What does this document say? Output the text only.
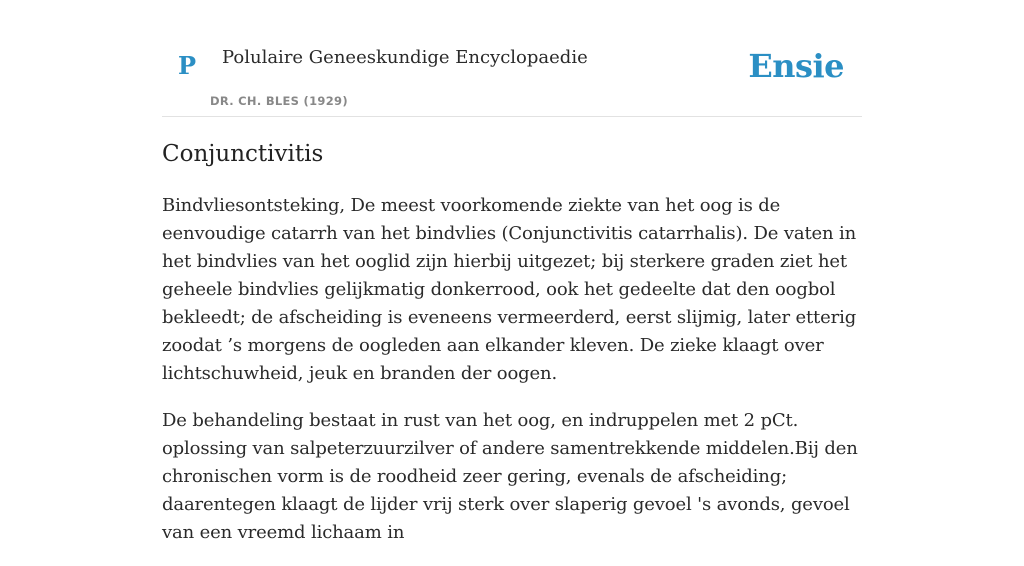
P Polulaire Geneeskundige Encyclopaedie
DR. CH. BLES (1929)
Ensie
Conjunctivitis

Bindvliesontsteking, De meest voorkomende ziekte van het oog is de eenvoudige catarrh van het bindvlies (Conjunctivitis catarrhalis). De vaten in het bindvlies van het ooglid zijn hierbij uitgezet; bij sterkere graden ziet het geheele bindvlies gelijkmatig donkerrood, ook het gedeelte dat den oogbol bekleedt; de afscheiding is eveneens vermeerderd, eerst slijmig, later etterig zoodat ’s morgens de oogleden aan elkander kleven. De zieke klaagt over lichtschuwheid, jeuk en branden der oogen.

De behandeling bestaat in rust van het oog, en indruppelen met 2 pCt. oplossing van salpeterzuurzilver of andere samentrekkende middelen.Bij den chronischen vorm is de roodheid zeer gering, evenals de afscheiding; daarentegen klaagt de lijder vrij sterk over slaperig gevoel 's avonds, gevoel van een vreemd lichaam in
